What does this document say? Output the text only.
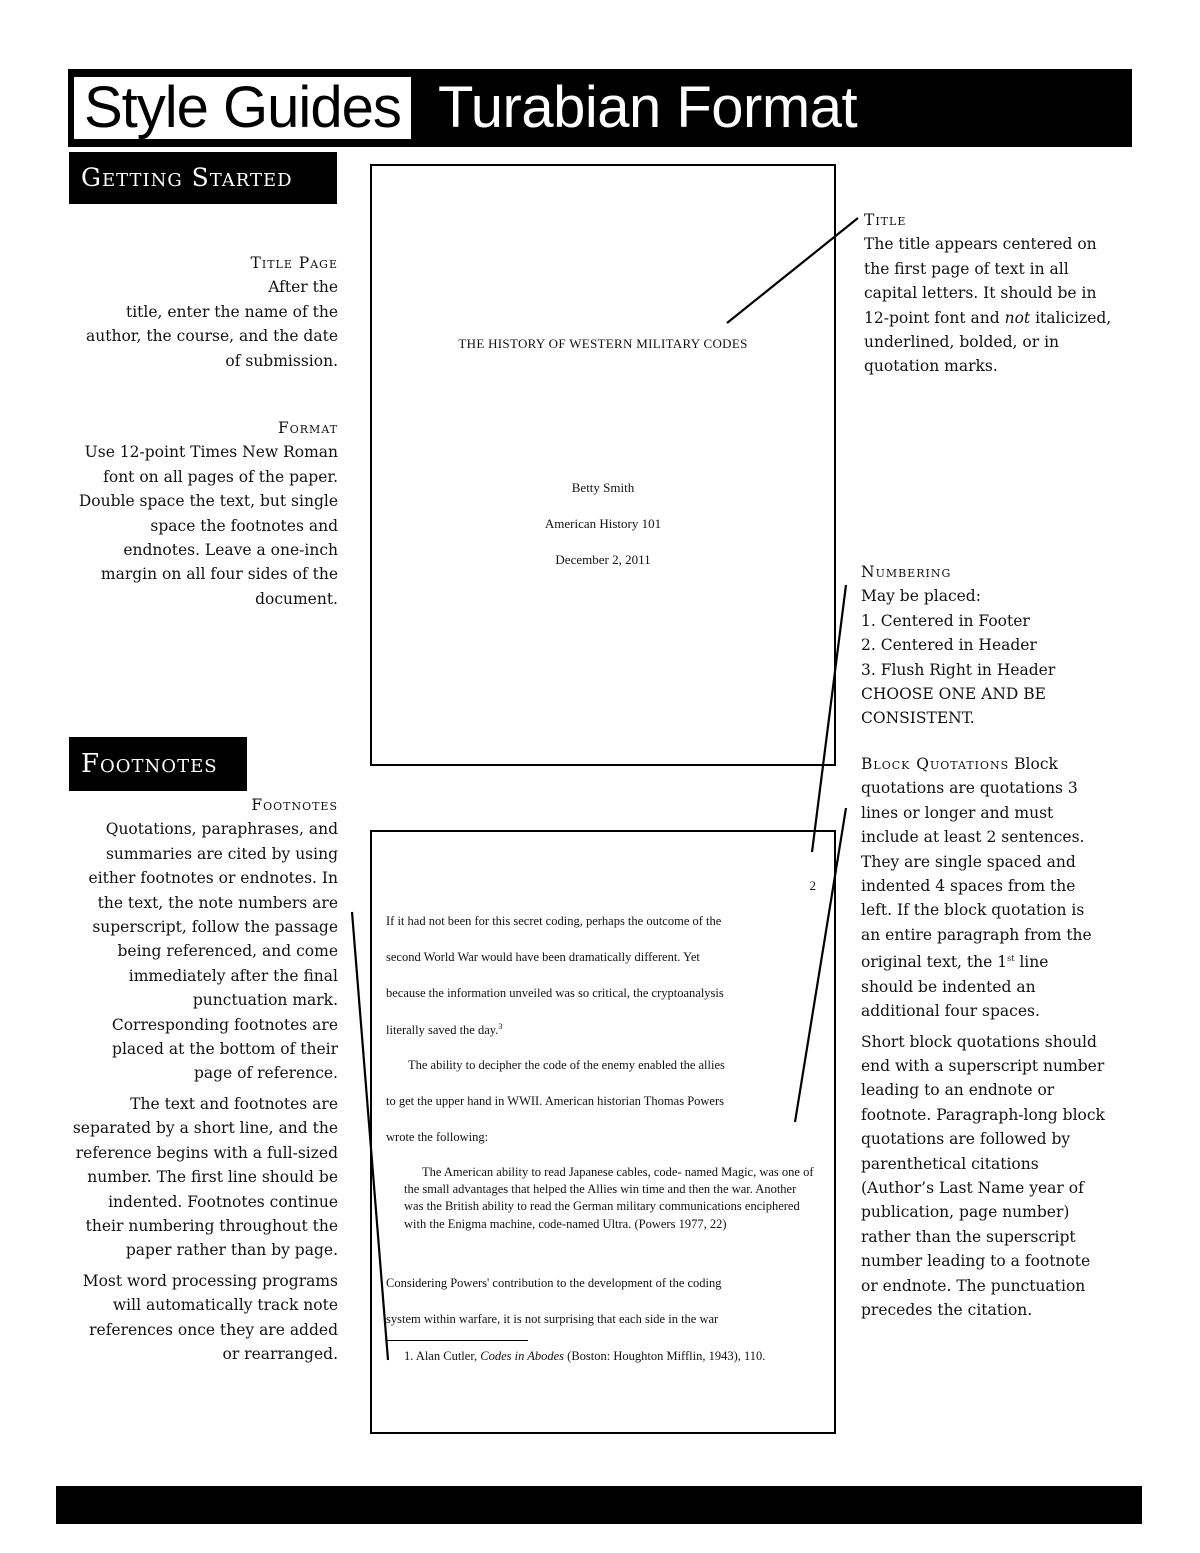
Style Guides Turabian Format
Getting Started
Footnotes
Title Page
After the
title, enter the name of the
author, the course, and the date
of submission.
Format
Use 12-point Times New Roman
font on all pages of the paper.
Double space the text, but single
space the footnotes and
endnotes. Leave a one-inch
margin on all four sides of the
document.
Footnotes
Quotations, paraphrases, and
summaries are cited by using
either footnotes or endnotes. In
the text, the note numbers are
superscript, follow the passage
being referenced, and come
immediately after the final
punctuation mark.
Corresponding footnotes are
placed at the bottom of their
page of reference.
The text and footnotes are
separated by a short line, and the
reference begins with a full-sized
number. The first line should be
indented. Footnotes continue
their numbering throughout the
paper rather than by page.
Most word processing programs
will automatically track note
references once they are added
or rearranged.
Title
The title appears centered on
the first page of text in all
capital letters. It should be in
12-point font and not italicized,
underlined, bolded, or in
quotation marks.
Numbering
May be placed:
1. Centered in Footer
2. Centered in Header
3. Flush Right in Header
CHOOSE ONE AND BE
CONSISTENT.
Block Quotations Block
quotations are quotations 3
lines or longer and must
include at least 2 sentences.
They are single spaced and
indented 4 spaces from the
left. If the block quotation is
an entire paragraph from the
original text, the 1st line
should be indented an
additional four spaces.
Short block quotations should
end with a superscript number
leading to an endnote or
footnote. Paragraph-long block
quotations are followed by
parenthetical citations
(Author’s Last Name year of
publication, page number)
rather than the superscript
number leading to a footnote
or endnote. The punctuation
precedes the citation.
THE HISTORY OF WESTERN MILITARY CODES
Betty Smith
American History 101
December 2, 2011
2
If it had not been for this secret coding, perhaps the outcome of the
second World War would have been dramatically different. Yet
because the information unveiled was so critical, the cryptoanalysis
literally saved the day.$^3$
The ability to decipher the code of the enemy enabled the allies
to get the upper hand in WWII. American historian Thomas Powers
wrote the following:

The American ability to read Japanese cables, code- named Magic, was one of the small advantages that helped the Allies win time and then the war. Another was the British ability to read the German military communications enciphered with the Enigma machine, code-named Ultra. (Powers 1977, 22)

Considering Powers' contribution to the development of the coding
system within warfare, it is not surprising that each side in the war
1. Alan Cutler, Codes in Abodes (Boston: Houghton Mifflin, 1943), 110.
